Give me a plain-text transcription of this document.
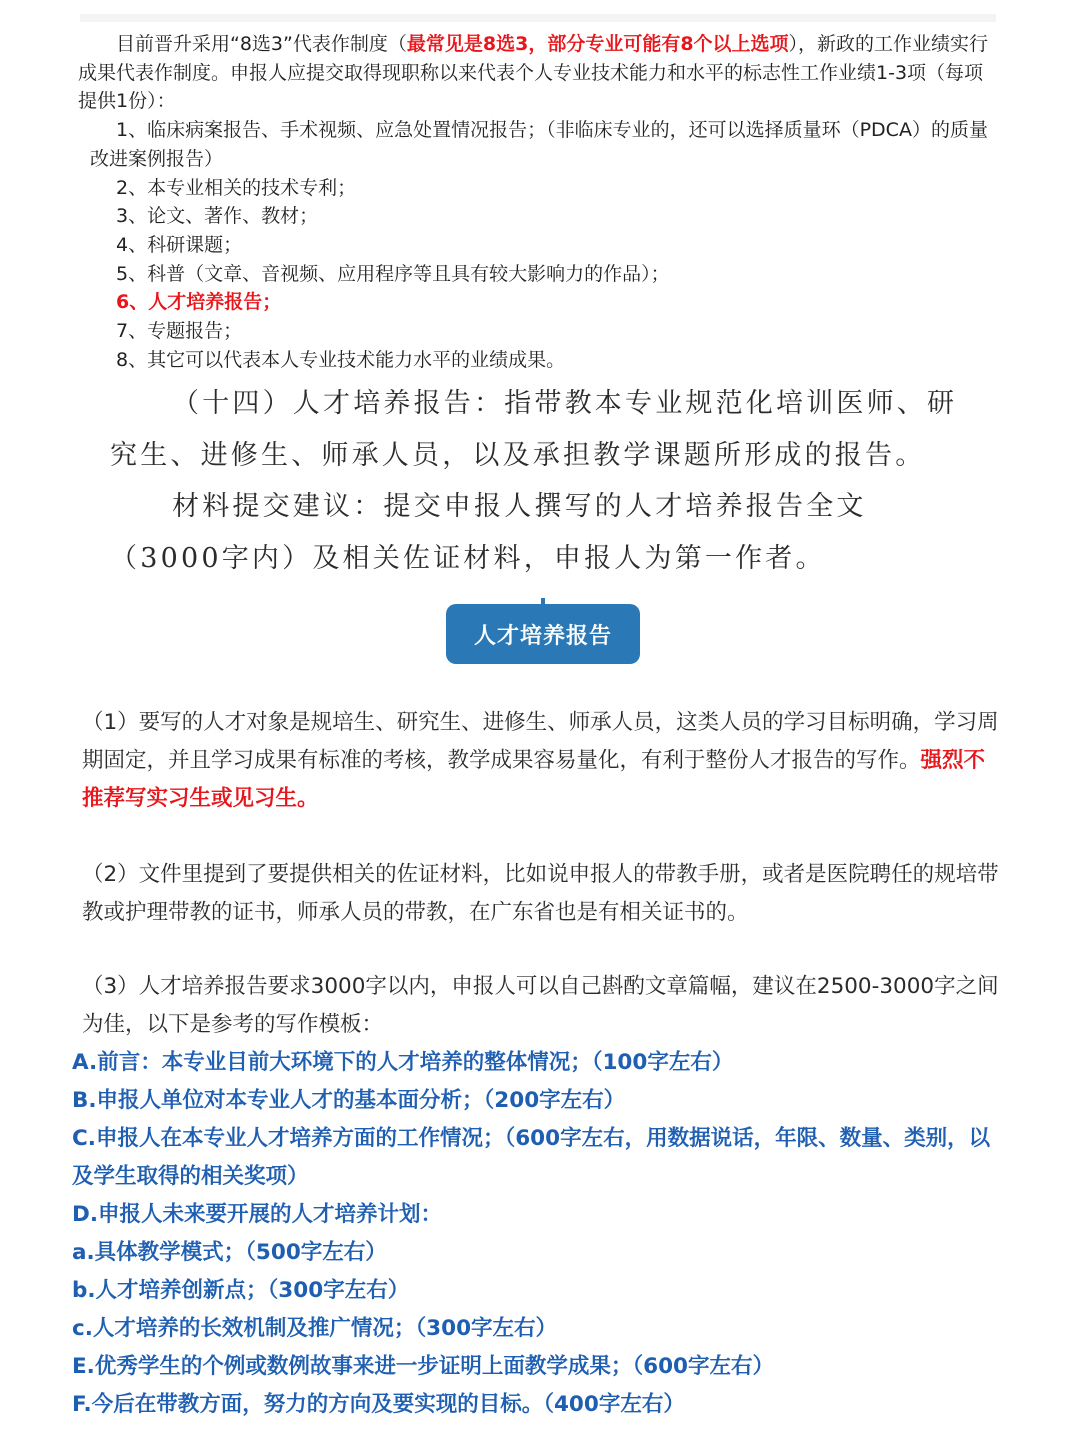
目前晋升采用“8选3”代表作制度（最常见是8选3，部分专业可能有8个以上选项），新政的工作业绩实行成果代表作制度。申报人应提交取得现职称以来代表个人专业技术能力和水平的标志性工作业绩1-3项（每项提供1份）：

1、临床病案报告、手术视频、应急处置情况报告；（非临床专业的，还可以选择质量环（PDCA）的质量改进案例报告）

2、本专业相关的技术专利；

3、论文、著作、教材；

4、科研课题；

5、科普（文章、音视频、应用程序等且具有较大影响力的作品）；

6、人才培养报告；

7、专题报告；

8、其它可以代表本人专业技术能力水平的业绩成果。

（十四）人才培养报告：指带教本专业规范化培训医师、研究生、进修生、师承人员，以及承担教学课题所形成的报告。

材料提交建议：提交申报人撰写的人才培养报告全文（3000字内）及相关佐证材料，申报人为第一作者。

人才培养报告

（1）要写的人才对象是规培生、研究生、进修生、师承人员，这类人员的学习目标明确，学习周期固定，并且学习成果有标准的考核，教学成果容易量化，有利于整份人才报告的写作。强烈不推荐写实习生或见习生。

（2）文件里提到了要提供相关的佐证材料，比如说申报人的带教手册，或者是医院聘任的规培带教或护理带教的证书，师承人员的带教，在广东省也是有相关证书的。

（3）人才培养报告要求3000字以内，申报人可以自己斟酌文章篇幅，建议在2500-3000字之间为佳，以下是参考的写作模板：

A.前言：本专业目前大环境下的人才培养的整体情况；（100字左右）

B.申报人单位对本专业人才的基本面分析；（200字左右）

C.申报人在本专业人才培养方面的工作情况；（600字左右，用数据说话，年限、数量、类别，以及学生取得的相关奖项）

D.申报人未来要开展的人才培养计划：

a.具体教学模式；（500字左右）

b.人才培养创新点；（300字左右）

c.人才培养的长效机制及推广情况；（300字左右）

E.优秀学生的个例或数例故事来进一步证明上面教学成果；（600字左右）

F.今后在带教方面，努力的方向及要实现的目标。（400字左右）
